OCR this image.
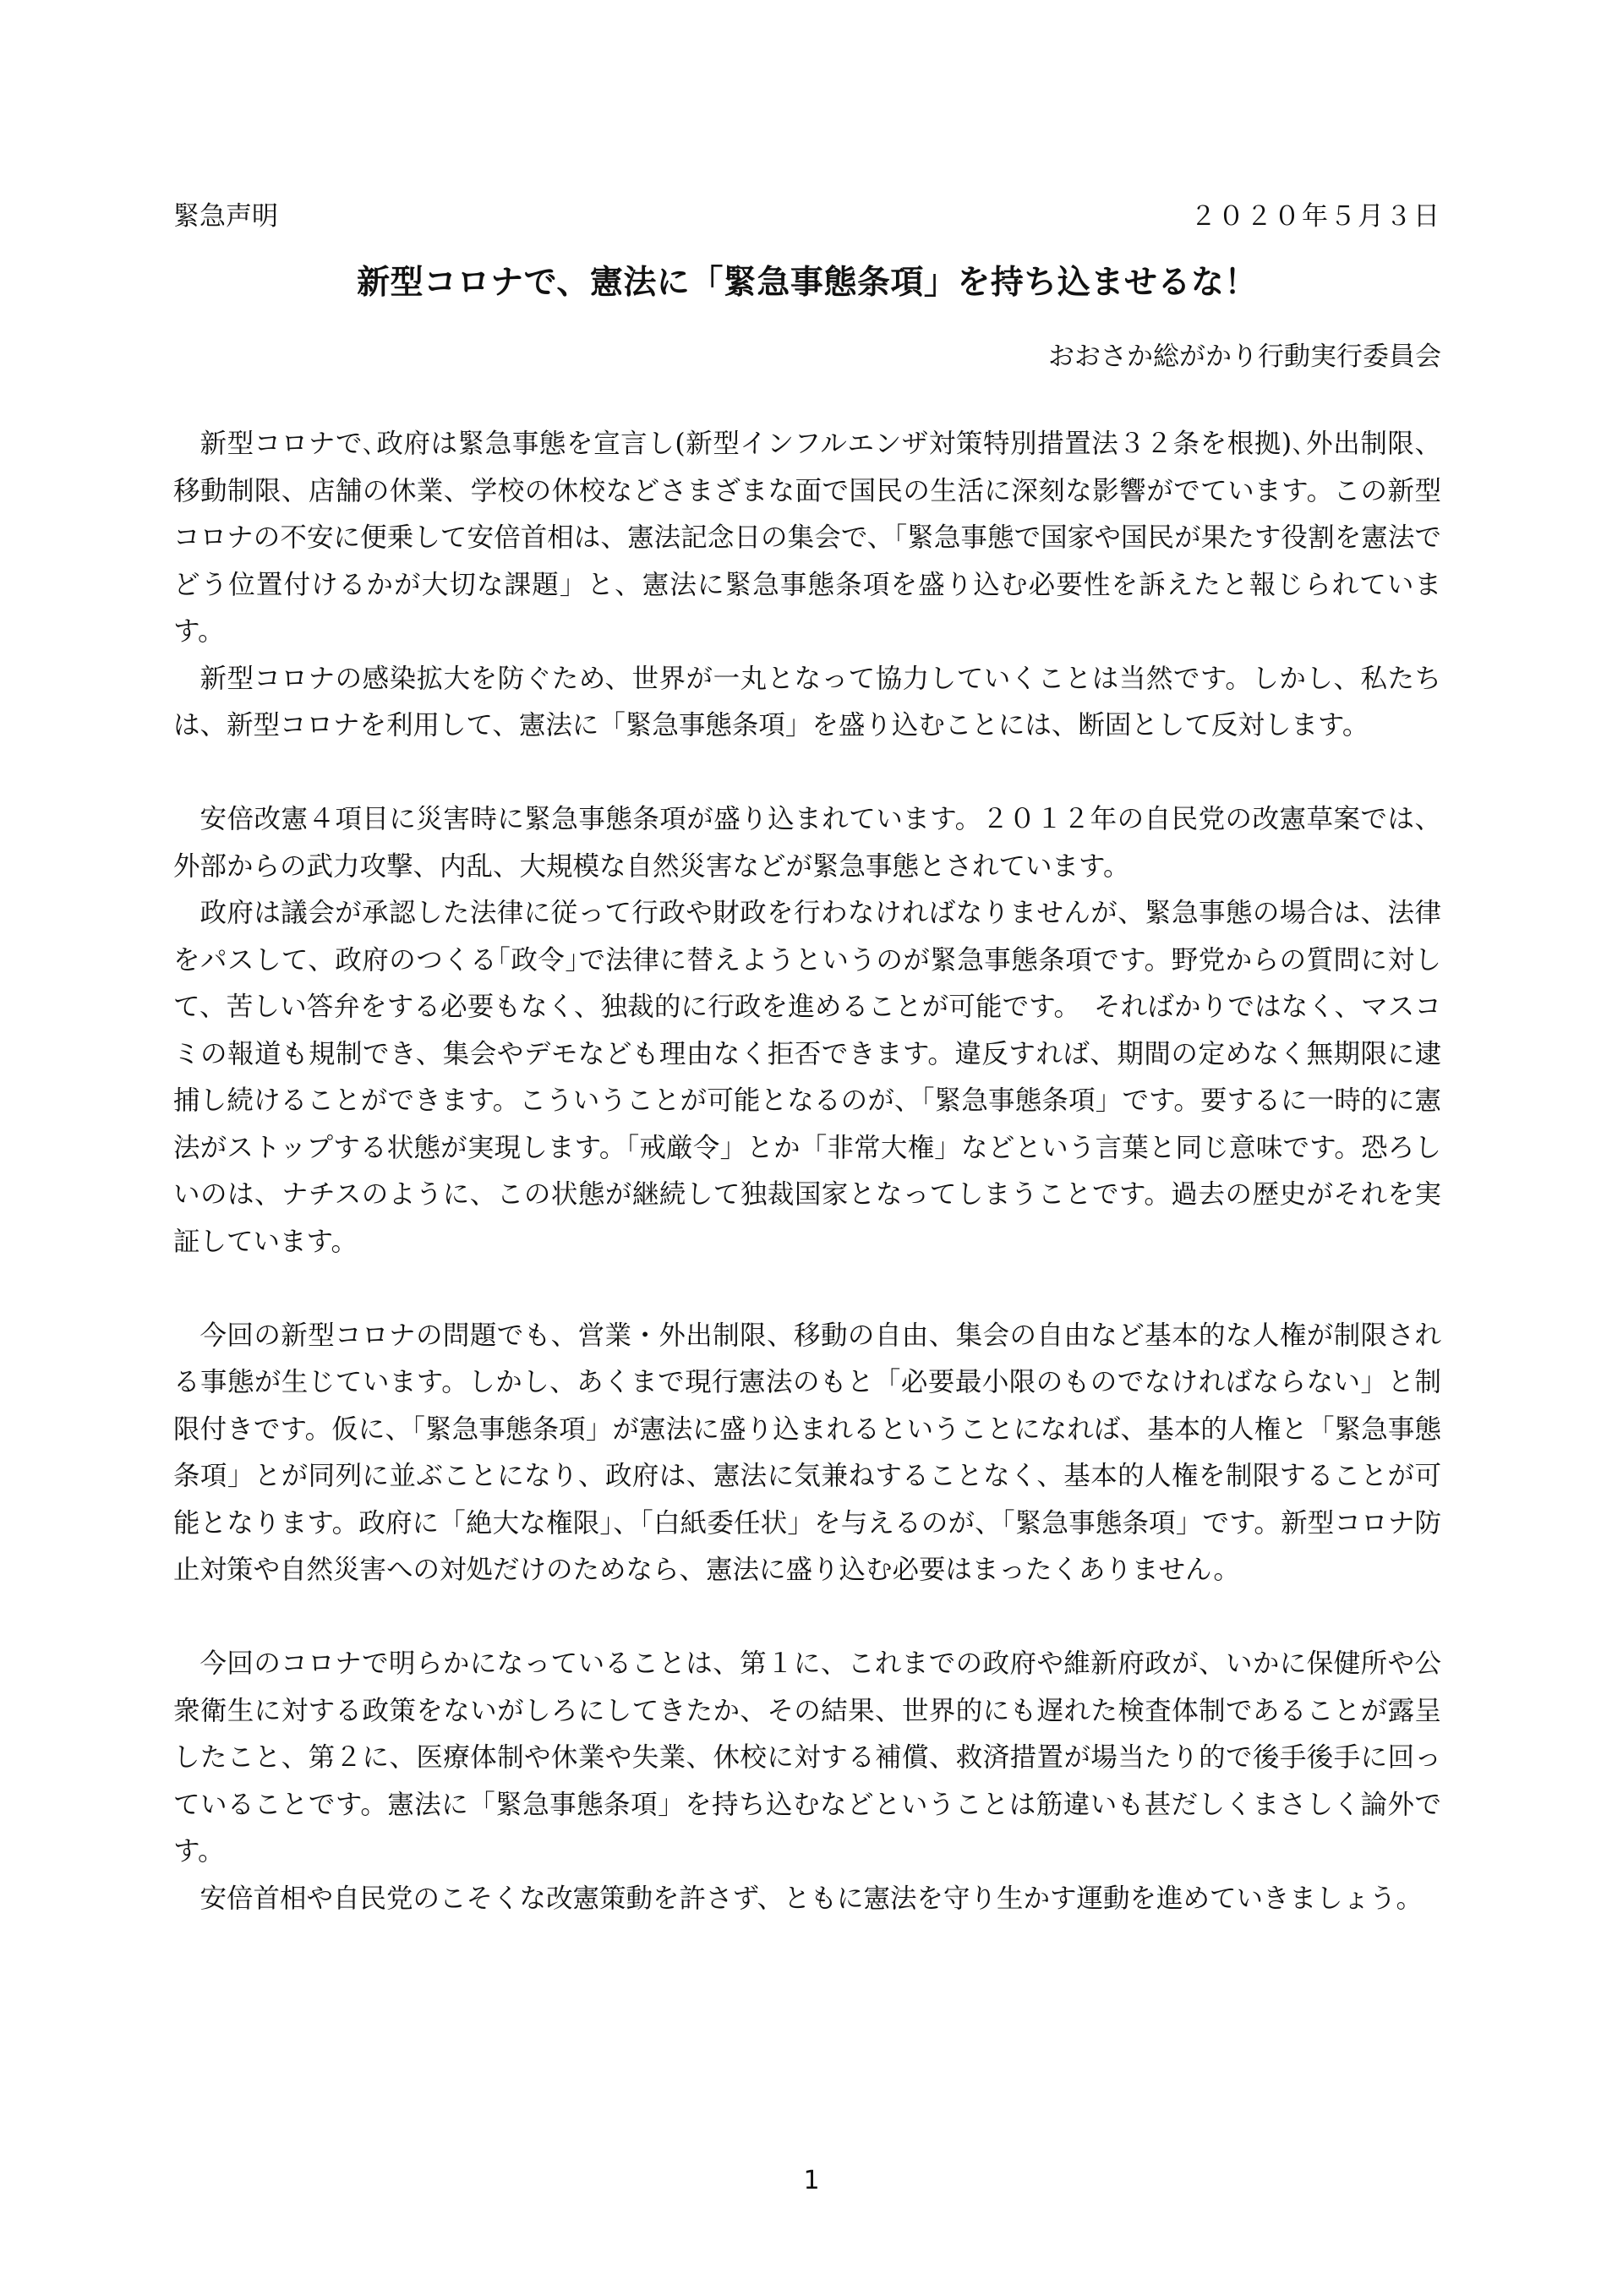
緊急声明	２０２０年５月３日
新型コロナで、憲法に「緊急事態条項」を持ち込ませるな！
おおさか総がかり行動実行委員会

新型コロナで､政府は緊急事態を宣言し(新型インフルエンザ対策特別措置法３２条を根拠)､外出制限、移動制限、店舗の休業、学校の休校などさまざまな面で国民の生活に深刻な影響がでています。この新型コロナの不安に便乗して安倍首相は、憲法記念日の集会で、「緊急事態で国家や国民が果たす役割を憲法でどう位置付けるかが大切な課題」と、憲法に緊急事態条項を盛り込む必要性を訴えたと報じられています。

新型コロナの感染拡大を防ぐため、世界が一丸となって協力していくことは当然です。しかし、私たちは、新型コロナを利用して、憲法に「緊急事態条項」を盛り込むことには、断固として反対します。

安倍改憲４項目に災害時に緊急事態条項が盛り込まれています。２０１２年の自民党の改憲草案では、外部からの武力攻撃、内乱、大規模な自然災害などが緊急事態とされています。

政府は議会が承認した法律に従って行政や財政を行わなければなりませんが、緊急事態の場合は、法律をパスして、政府のつくる｢政令｣で法律に替えようというのが緊急事態条項です。野党からの質問に対して、苦しい答弁をする必要もなく、独裁的に行政を進めることが可能です。　そればかりではなく、マスコミの報道も規制でき、集会やデモなども理由なく拒否できます。違反すれば、期間の定めなく無期限に逮捕し続けることができます。こういうことが可能となるのが、「緊急事態条項」です。要するに一時的に憲法がストップする状態が実現します。「戒厳令」とか「非常大権」などという言葉と同じ意味です。恐ろしいのは、ナチスのように、この状態が継続して独裁国家となってしまうことです。過去の歴史がそれを実証しています。

今回の新型コロナの問題でも、営業・外出制限、移動の自由、集会の自由など基本的な人権が制限される事態が生じています。しかし、あくまで現行憲法のもと「必要最小限のものでなければならない」と制限付きです。仮に、「緊急事態条項」が憲法に盛り込まれるということになれば、基本的人権と「緊急事態条項」とが同列に並ぶことになり、政府は、憲法に気兼ねすることなく、基本的人権を制限することが可能となります。政府に「絶大な権限」、「白紙委任状」を与えるのが、「緊急事態条項」です。新型コロナ防止対策や自然災害への対処だけのためなら、憲法に盛り込む必要はまったくありません。

今回のコロナで明らかになっていることは、第１に、これまでの政府や維新府政が、いかに保健所や公衆衛生に対する政策をないがしろにしてきたか、その結果、世界的にも遅れた検査体制であることが露呈したこと、第２に、医療体制や休業や失業、休校に対する補償、救済措置が場当たり的で後手後手に回っていることです。憲法に「緊急事態条項」を持ち込むなどということは筋違いも甚だしくまさしく論外です。

安倍首相や自民党のこそくな改憲策動を許さず、ともに憲法を守り生かす運動を進めていきましょう。

1
